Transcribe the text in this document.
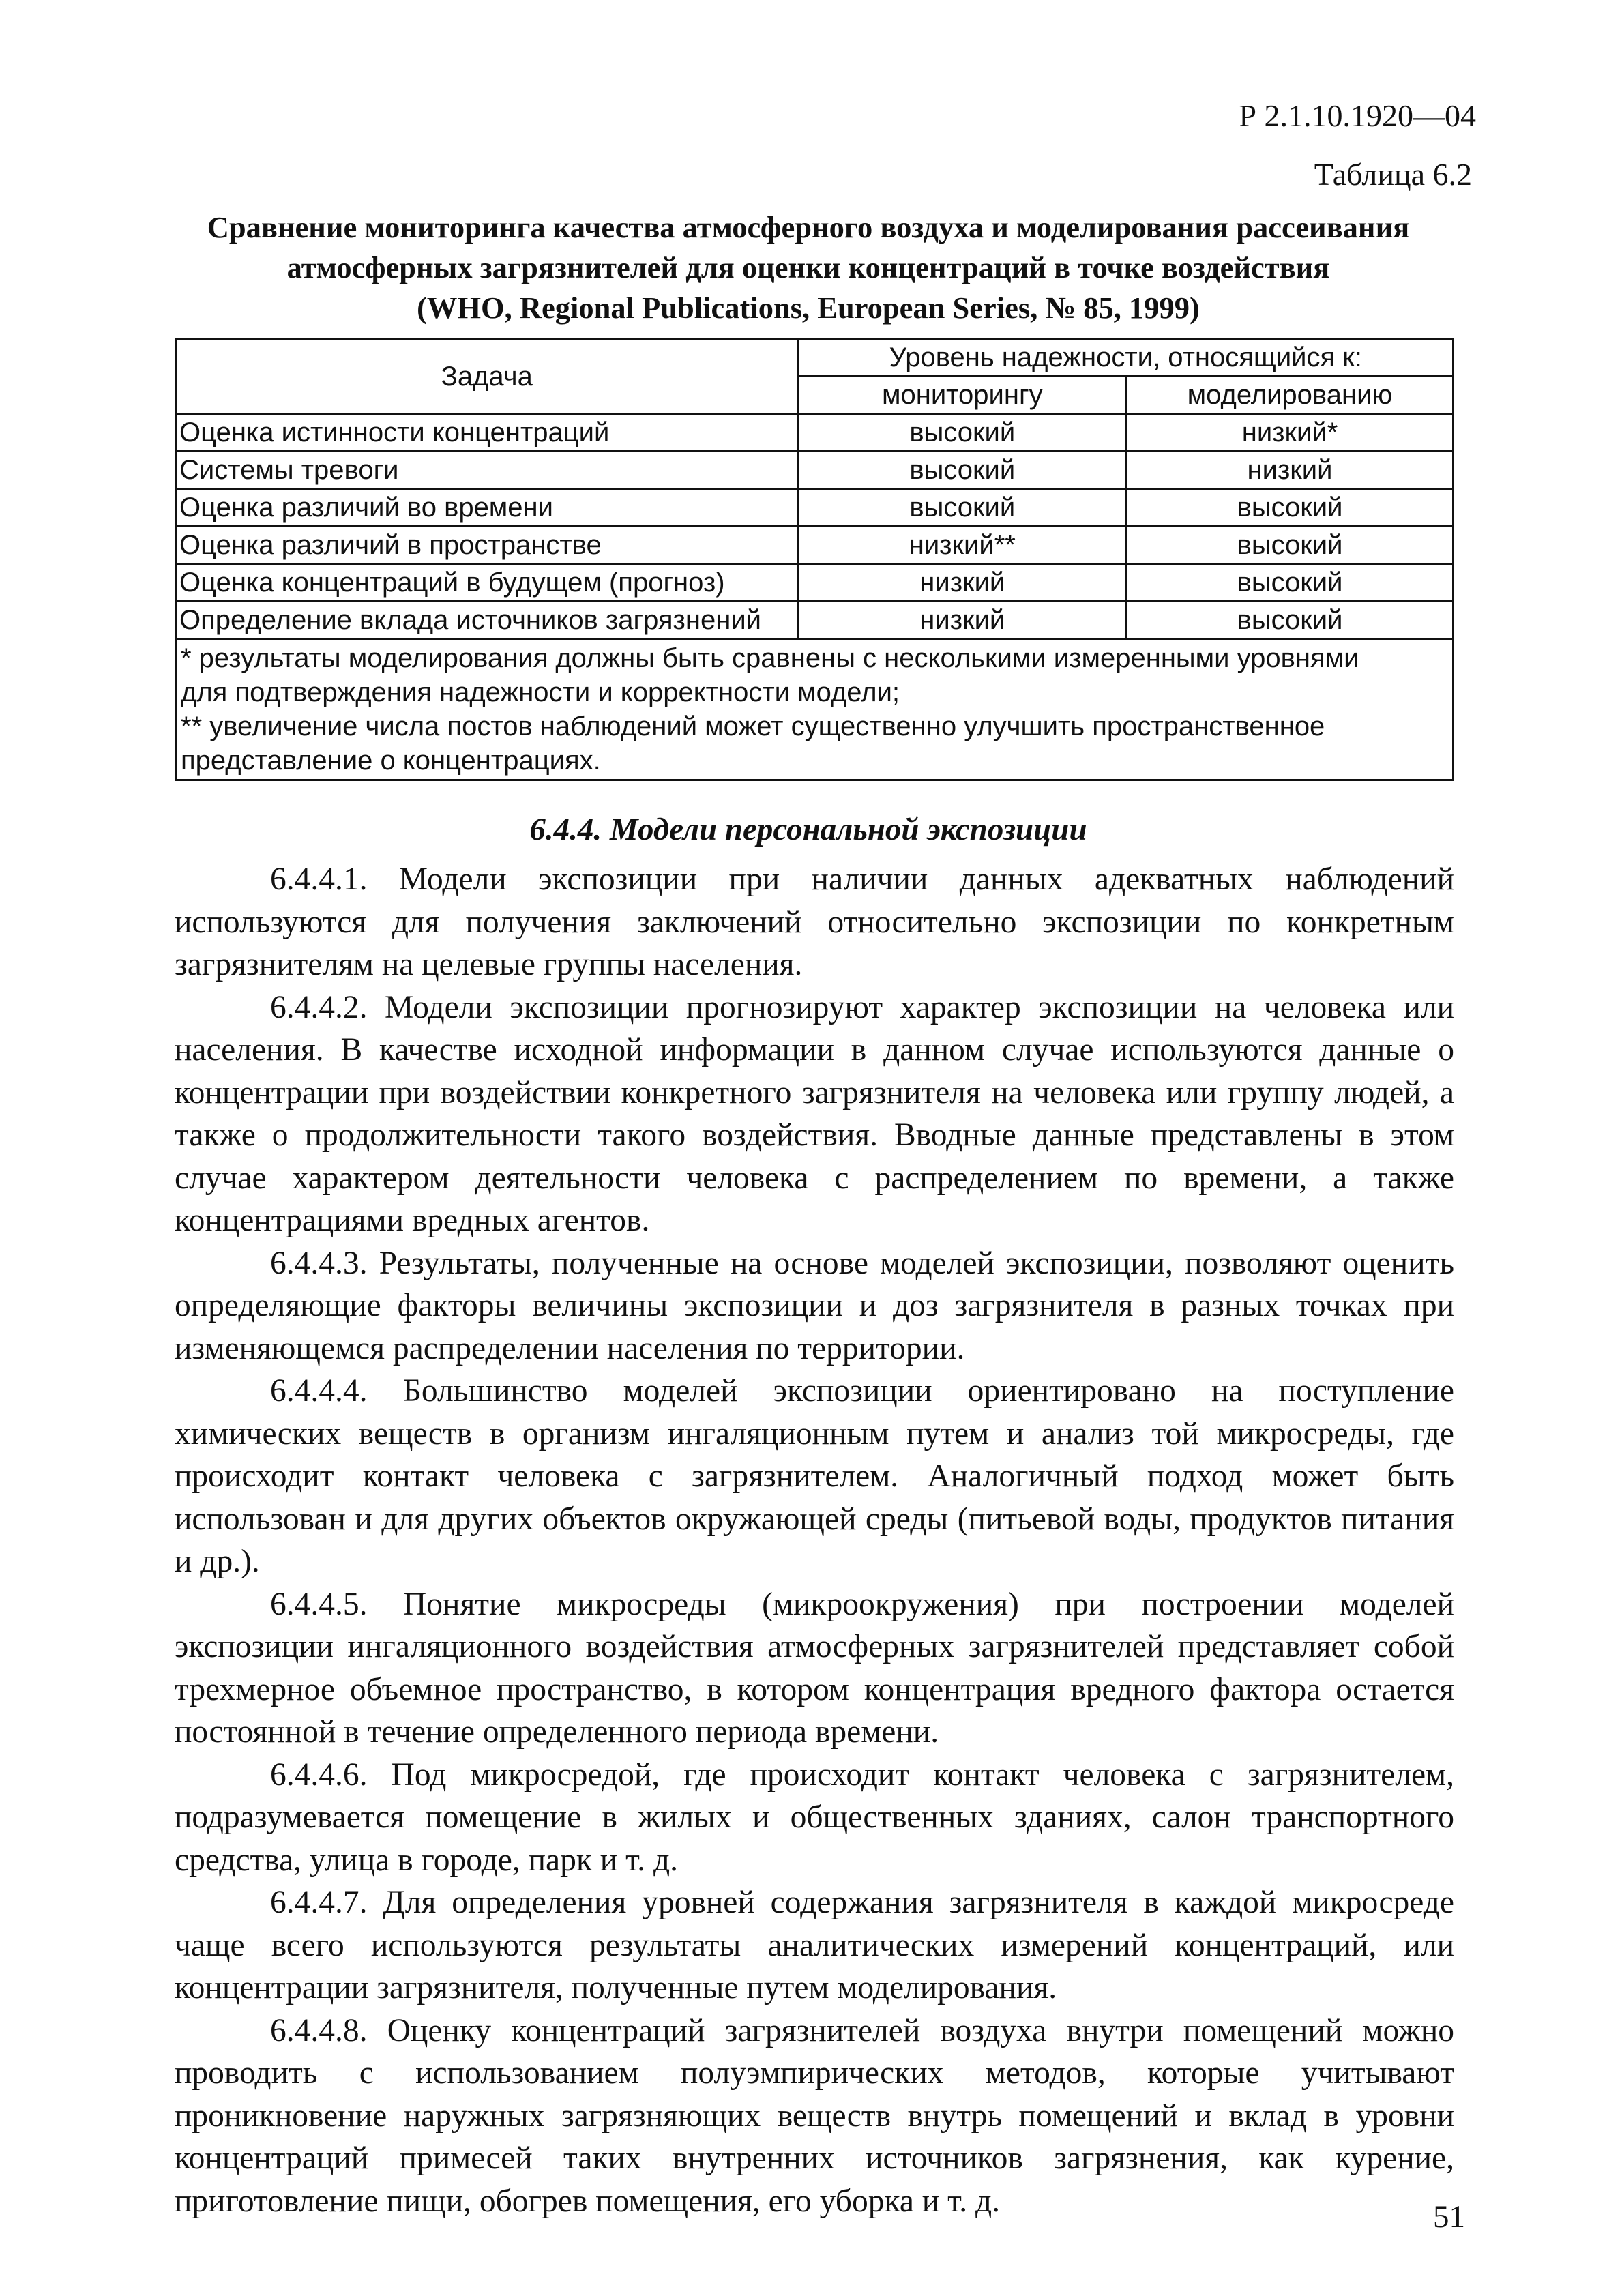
Р 2.1.10.1920—04
Таблица 6.2
Сравнение мониторинга качества атмосферного воздуха и моделирования рассеивания
атмосферных загрязнителей для оценки концентраций в точке воздействия
(WHO, Regional Publications, European Series, № 85, 1999)
Задача	Уровень надежности, относящийся к:	
	мониторингу	моделированию
Оценка истинности концентраций	высокий	низкий*
Системы тревоги	высокий	низкий
Оценка различий во времени	высокий	высокий
Оценка различий в пространстве	низкий**	высокий
Оценка концентраций в будущем (прогноз)	низкий	высокий
Определение вклада источников загрязнений	низкий	высокий

* результаты моделирования должны быть сравнены с несколькими измеренными уровнями
для подтверждения надежности и корректности модели;
** увеличение числа постов наблюдений может существенно улучшить пространственное
представление о концентрациях.		
6.4.4. Модели персональной экспозиции

6.4.4.1. Модели экспозиции при наличии данных адекватных наблюдений используются для получения заключений относительно экспозиции по конкретным загрязнителям на целевые группы населения.

6.4.4.2. Модели экспозиции прогнозируют характер экспозиции на человека или населения. В качестве исходной информации в данном случае используются данные о концентрации при воздействии конкретного загрязнителя на человека или группу людей, а также о продолжительности такого воздействия. Вводные данные представлены в этом случае характером деятельности человека с распределением по времени, а также концентрациями вредных агентов.

6.4.4.3. Результаты, полученные на основе моделей экспозиции, позволяют оценить определяющие факторы величины экспозиции и доз загрязнителя в разных точках при изменяющемся распределении населения по территории.

6.4.4.4. Большинство моделей экспозиции ориентировано на поступление химических веществ в организм ингаляционным путем и анализ той микросреды, где происходит контакт человека с загрязнителем. Аналогичный подход может быть использован и для других объектов окружающей среды (питьевой воды, продуктов питания и др.).

6.4.4.5. Понятие микросреды (микроокружения) при построении моделей экспозиции ингаляционного воздействия атмосферных загрязнителей представляет собой трехмерное объемное пространство, в котором концентрация вредного фактора остается постоянной в течение определенного периода времени.

6.4.4.6. Под микросредой, где происходит контакт человека с загрязнителем, подразумевается помещение в жилых и общественных зданиях, салон транспортного средства, улица в городе, парк и т. д.

6.4.4.7. Для определения уровней содержания загрязнителя в каждой микросреде чаще всего используются результаты аналитических измерений концентраций, или концентрации загрязнителя, полученные путем моделирования.

6.4.4.8. Оценку концентраций загрязнителей воздуха внутри помещений можно проводить с использованием полуэмпирических методов, которые учитывают проникновение наружных загрязняющих веществ внутрь помещений и вклад в уровни концентраций примесей таких внутренних источников загрязнения, как курение, приготовление пищи, обогрев помещения, его уборка и т. д.	51
